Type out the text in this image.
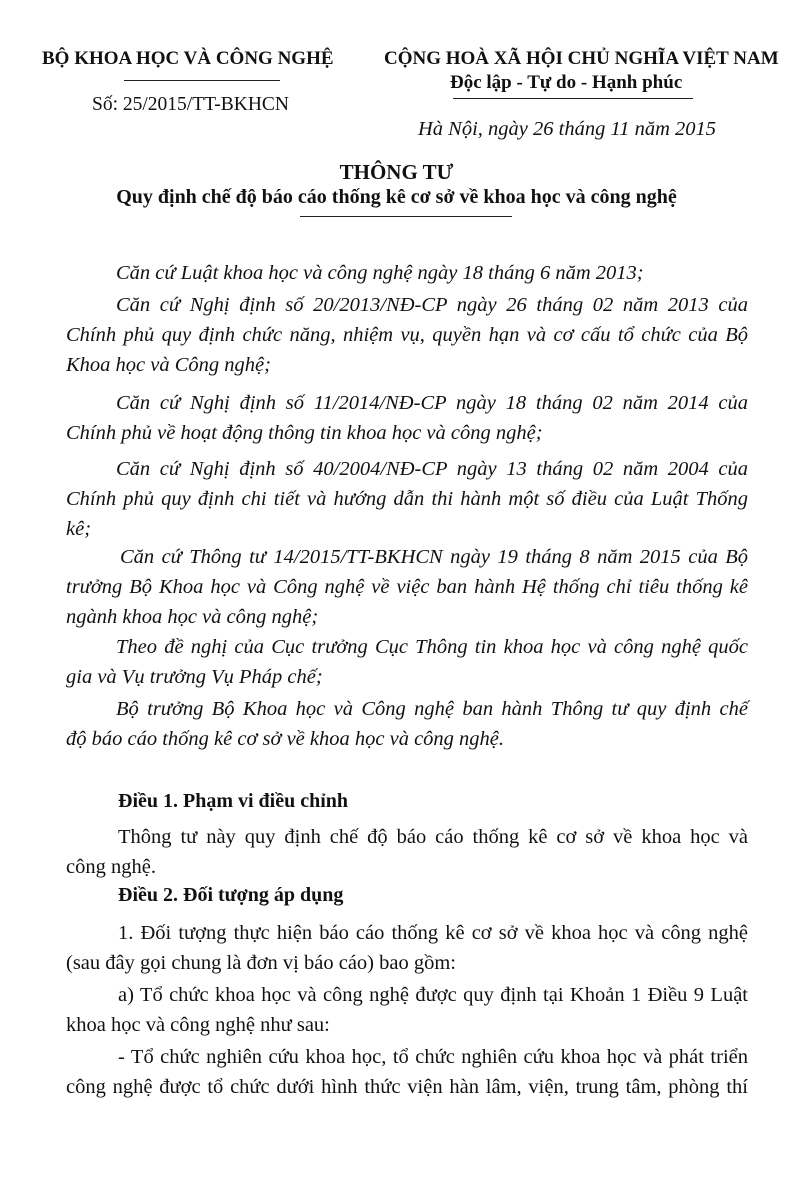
BỘ KHOA HỌC VÀ CÔNG NGHỆ
Số: 25/2015/TT-BKHCN
CỘNG HOÀ XÃ HỘI CHỦ NGHĨA VIỆT NAM
Độc lập - Tự do - Hạnh phúc
Hà Nội, ngày 26 tháng 11 năm 2015
THÔNG TƯ
Quy định chế độ báo cáo thống kê cơ sở về khoa học và công nghệ
Căn cứ Luật khoa học và công nghệ ngày 18 tháng 6 năm 2013;
Căn cứ Nghị định số 20/2013/NĐ-CP ngày 26 tháng 02 năm 2013 của
Chính phủ quy định chức năng, nhiệm vụ, quyền hạn và cơ cấu tổ chức của Bộ
Khoa học và Công nghệ;
Căn cứ Nghị định số 11/2014/NĐ-CP ngày 18 tháng 02 năm 2014 của
Chính phủ về hoạt động thông tin khoa học và công nghệ;
Căn cứ Nghị định số 40/2004/NĐ-CP ngày 13 tháng 02 năm 2004 của
Chính phủ quy định chi tiết và hướng dẫn thi hành một số điều của Luật Thống
kê;
Căn cứ Thông tư 14/2015/TT-BKHCN ngày 19 tháng 8 năm 2015 của Bộ
trưởng Bộ Khoa học và Công nghệ về việc ban hành Hệ thống chỉ tiêu thống kê
ngành khoa học và công nghệ;
Theo đề nghị của Cục trưởng Cục Thông tin khoa học và công nghệ quốc
gia và Vụ trưởng Vụ Pháp chế;
Bộ trưởng Bộ Khoa học và Công nghệ ban hành Thông tư quy định chế
độ báo cáo thống kê cơ sở về khoa học và công nghệ.
Điều 1. Phạm vi điều chỉnh
Thông tư này quy định chế độ báo cáo thống kê cơ sở về khoa học và
công nghệ.
Điều 2. Đối tượng áp dụng
1. Đối tượng thực hiện báo cáo thống kê cơ sở về khoa học và công nghệ
(sau đây gọi chung là đơn vị báo cáo) bao gồm:
a) Tổ chức khoa học và công nghệ được quy định tại Khoản 1 Điều 9 Luật
khoa học và công nghệ như sau:
- Tổ chức nghiên cứu khoa học, tổ chức nghiên cứu khoa học và phát triển
công nghệ được tổ chức dưới hình thức viện hàn lâm, viện, trung tâm, phòng thí
